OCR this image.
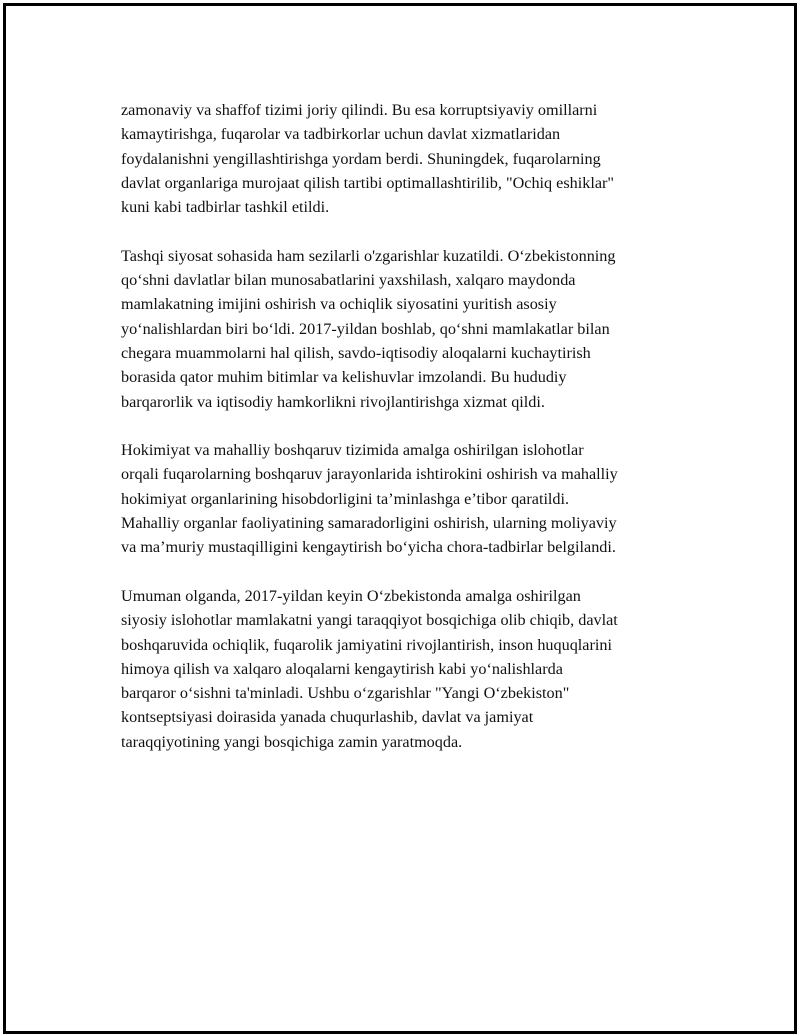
zamonaviy va shaffof tizimi joriy qilindi. Bu esa korruptsiyaviy omillarni
kamaytirishga, fuqarolar va tadbirkorlar uchun davlat xizmatlaridan
foydalanishni yengillashtirishga yordam berdi. Shuningdek, fuqarolarning
davlat organlariga murojaat qilish tartibi optimallashtirilib, "Ochiq eshiklar"
kuni kabi tadbirlar tashkil etildi.

Tashqi siyosat sohasida ham sezilarli o'zgarishlar kuzatildi. O‘zbekistonning
qo‘shni davlatlar bilan munosabatlarini yaxshilash, xalqaro maydonda
mamlakatning imijini oshirish va ochiqlik siyosatini yuritish asosiy
yo‘nalishlardan biri bo‘ldi. 2017-yildan boshlab, qo‘shni mamlakatlar bilan
chegara muammolarni hal qilish, savdo-iqtisodiy aloqalarni kuchaytirish
borasida qator muhim bitimlar va kelishuvlar imzolandi. Bu hududiy
barqarorlik va iqtisodiy hamkorlikni rivojlantirishga xizmat qildi.

Hokimiyat va mahalliy boshqaruv tizimida amalga oshirilgan islohotlar
orqali fuqarolarning boshqaruv jarayonlarida ishtirokini oshirish va mahalliy
hokimiyat organlarining hisobdorligini ta’minlashga e’tibor qaratildi.
Mahalliy organlar faoliyatining samaradorligini oshirish, ularning moliyaviy
va ma’muriy mustaqilligini kengaytirish bo‘yicha chora-tadbirlar belgilandi.

Umuman olganda, 2017-yildan keyin O‘zbekistonda amalga oshirilgan
siyosiy islohotlar mamlakatni yangi taraqqiyot bosqichiga olib chiqib, davlat
boshqaruvida ochiqlik, fuqarolik jamiyatini rivojlantirish, inson huquqlarini
himoya qilish va xalqaro aloqalarni kengaytirish kabi yo‘nalishlarda
barqaror o‘sishni ta'minladi. Ushbu o‘zgarishlar "Yangi O‘zbekiston"
kontseptsiyasi doirasida yanada chuqurlashib, davlat va jamiyat
taraqqiyotining yangi bosqichiga zamin yaratmoqda.
